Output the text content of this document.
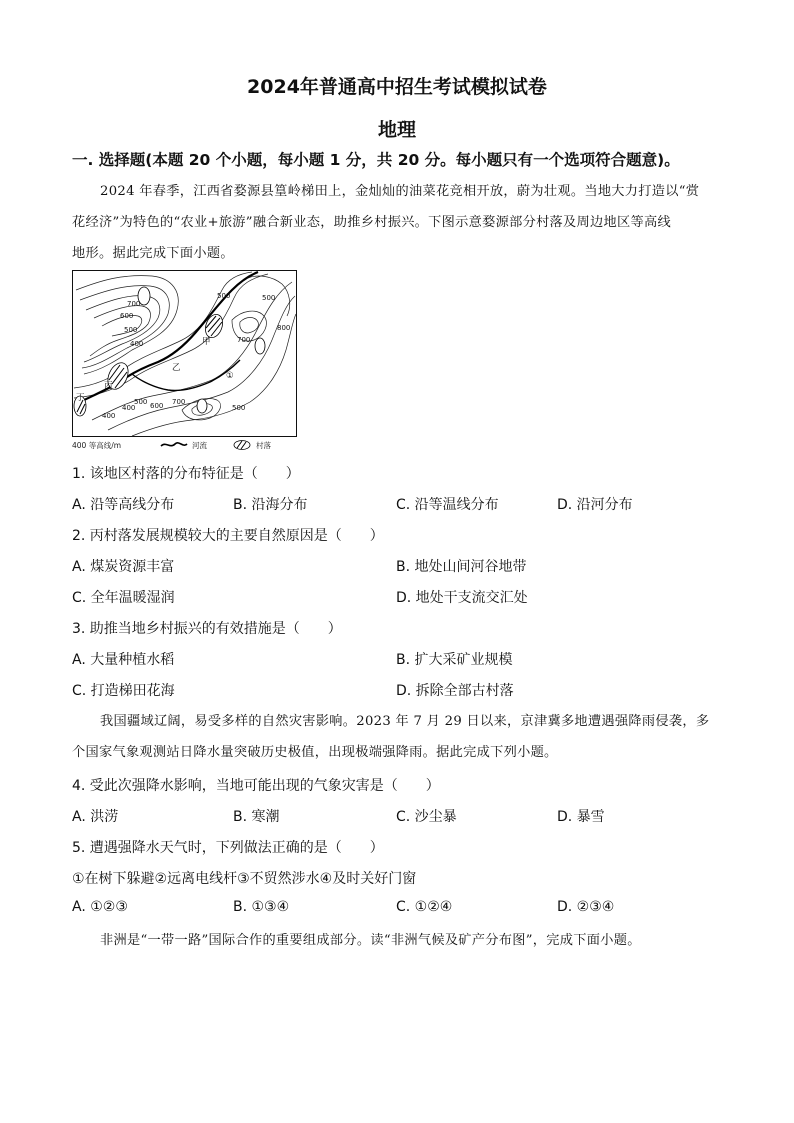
2024年普通高中招生考试模拟试卷
地理
一. 选择题(本题 20 个小题，每小题 1 分，共 20 分。每小题只有一个选项符合题意)。
2024 年春季，江西省婺源县篁岭梯田上，金灿灿的油菜花竞相开放，蔚为壮观。当地大力打造以“赏
花经济”为特色的“农业+旅游”融合新业态，助推乡村振兴。下图示意婺源部分村落及周边地区等高线
地形。据此完成下面小题。
700
600
500
400
500	500
700
400
500
400
600 700
500
800
甲
乙
丙
丁
①
400 等高线/m	河流	村落
1. 该地区村落的分布特征是（　　）
A. 沿等高线分布	B. 沿海分布	C. 沿等温线分布	D. 沿河分布
2. 丙村落发展规模较大的主要自然原因是（　　）
A. 煤炭资源丰富	B. 地处山间河谷地带
C. 全年温暖湿润	D. 地处干支流交汇处
3. 助推当地乡村振兴的有效措施是（　　）
A. 大量种植水稻	B. 扩大采矿业规模
C. 打造梯田花海	D. 拆除全部古村落
我国疆域辽阔，易受多样的自然灾害影响。2023 年 7 月 29 日以来，京津冀多地遭遇强降雨侵袭，多
个国家气象观测站日降水量突破历史极值，出现极端强降雨。据此完成下列小题。
4. 受此次强降水影响，当地可能出现的气象灾害是（　　）
A. 洪涝	B. 寒潮	C. 沙尘暴	D. 暴雪
5. 遭遇强降水天气时，下列做法正确的是（　　）
①在树下躲避②远离电线杆③不贸然涉水④及时关好门窗
A. ①②③	B. ①③④	C. ①②④	D. ②③④
非洲是“一带一路”国际合作的重要组成部分。读“非洲气候及矿产分布图”，完成下面小题。
